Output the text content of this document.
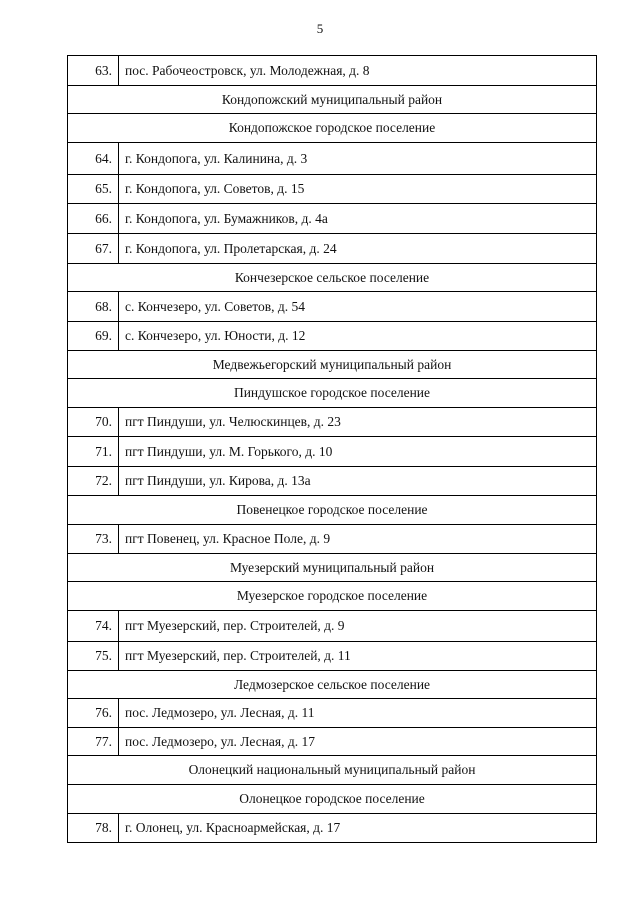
5
63.	пос. Рабочеостровск, ул. Молодежная, д. 8
Кондопожский муниципальный район	
Кондопожское городское поселение	
64.	г. Кондопога, ул. Калинина, д. 3
65.	г. Кондопога, ул. Советов, д. 15
66.	г. Кондопога, ул. Бумажников, д. 4а
67.	г. Кондопога, ул. Пролетарская, д. 24
Кончезерское сельское поселение	
68.	с. Кончезеро, ул. Советов, д. 54
69.	с. Кончезеро, ул. Юности, д. 12
Медвежьегорский муниципальный район	
Пиндушское городское поселение	
70.	пгт Пиндуши, ул. Челюскинцев, д. 23
71.	пгт Пиндуши, ул. М. Горького, д. 10
72.	пгт Пиндуши, ул. Кирова, д. 13а
Повенецкое городское поселение	
73.	пгт Повенец, ул. Красное Поле, д. 9
Муезерский муниципальный район	
Муезерское городское поселение	
74.	пгт Муезерский, пер. Строителей, д. 9
75.	пгт Муезерский, пер. Строителей, д. 11
Ледмозерское сельское поселение	
76.	пос. Ледмозеро, ул. Лесная, д. 11
77.	пос. Ледмозеро, ул. Лесная, д. 17
Олонецкий национальный муниципальный район	
Олонецкое городское поселение	
78.	г. Олонец, ул. Красноармейская, д. 17
